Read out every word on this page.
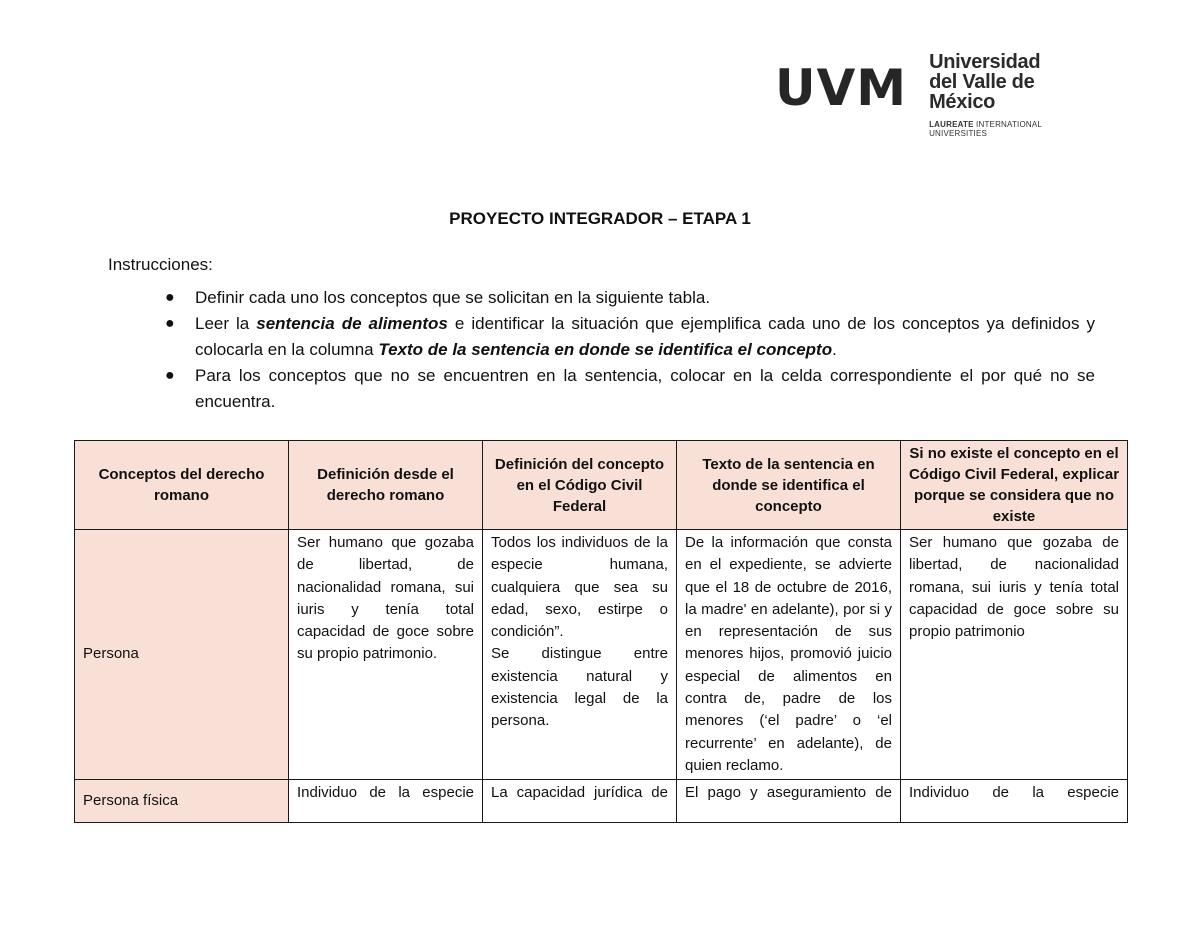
UVM Universidad
del Valle de México
LAUREATE INTERNATIONAL UNIVERSITIES
PROYECTO INTEGRADOR – ETAPA 1
Instrucciones:
● Definir cada uno los conceptos que se solicitan en la siguiente tabla.
● Leer la sentencia de alimentos e identificar la situación que ejemplifica cada uno de los conceptos ya definidos y colocarla en la columna Texto de la sentencia en donde se identifica el concepto.
● Para los conceptos que no se encuentren en la sentencia, colocar en la celda correspondiente el por qué no se encuentra.
Conceptos del derecho romano	Definición desde el derecho romano	Definición del concepto en el Código Civil Federal	Texto de la sentencia en donde se identifica el concepto	Si no existe el concepto en el Código Civil Federal, explicar porque se considera que no existe
Persona	Ser humano que gozaba de libertad, de nacionalidad romana, sui iuris y tenía total capacidad de goce sobre su propio patrimonio.	Todos los individuos de la especie humana, cualquiera que sea su edad, sexo, estirpe o condición”.
Se distingue entre existencia natural y existencia legal de la persona.	De la información que consta en el expediente, se advierte que el 18 de octubre de 2016, la madre' en adelante), por si y en representación de sus menores hijos, promovió juicio especial de alimentos en contra de, padre de los menores (‘el padre’ o ‘el recurrente’ en adelante), de quien reclamo.	Ser humano que gozaba de libertad, de nacionalidad romana, sui iuris y tenía total capacidad de goce sobre su propio patrimonio
Persona física	Individuo de la especie	La capacidad jurídica de	El pago y aseguramiento de	Individuo de la especie
